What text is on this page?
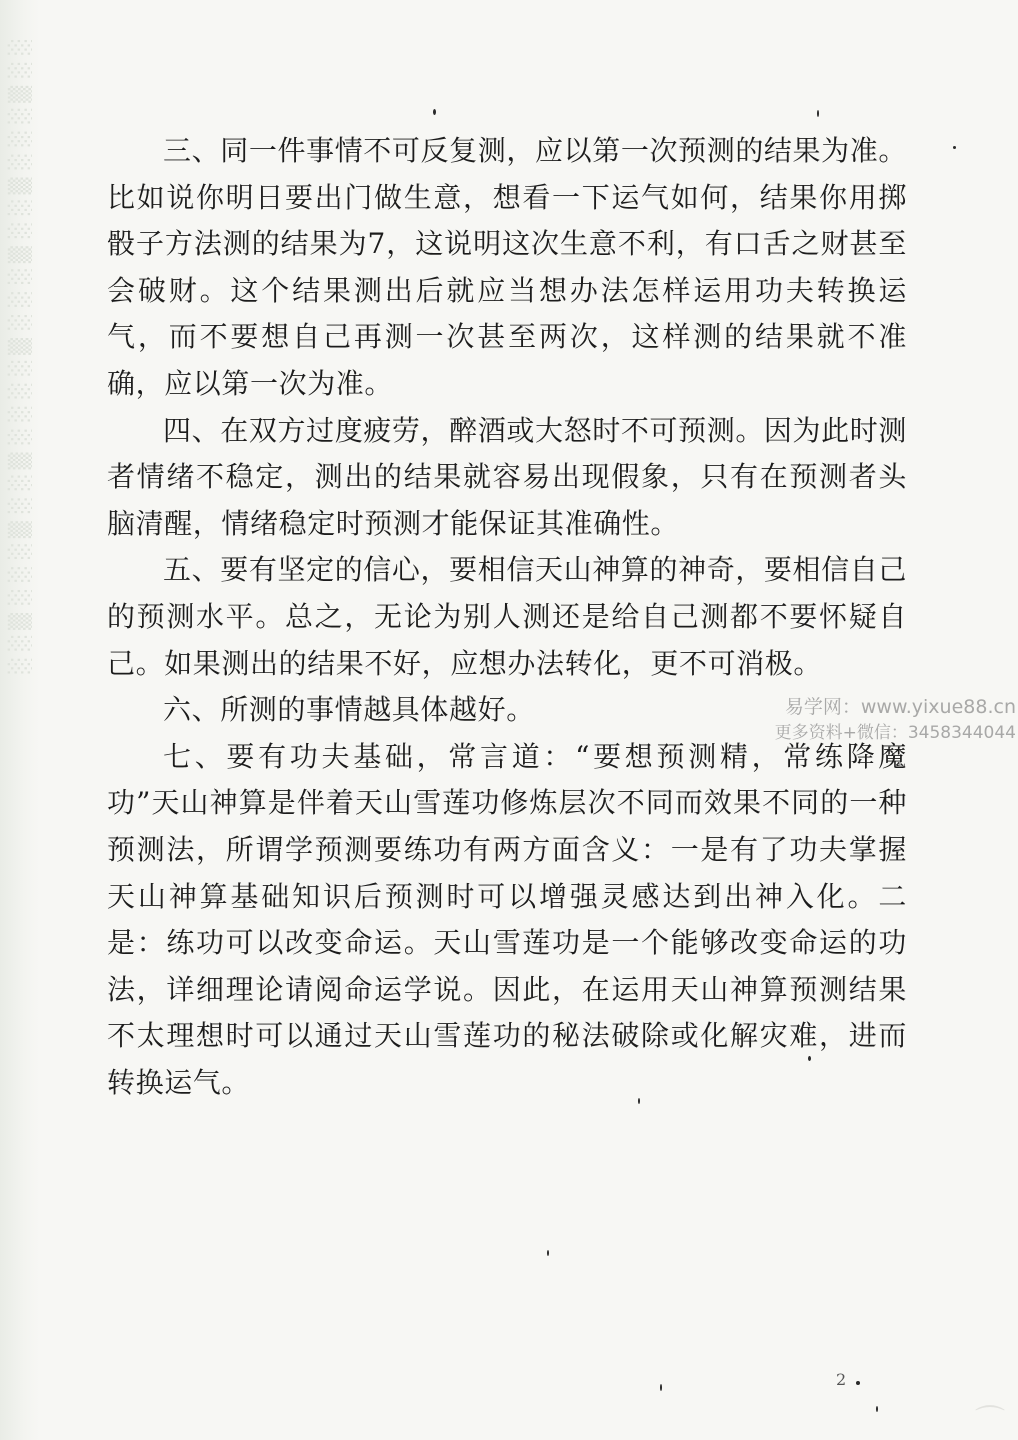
░░▒░░░▒░░▒░░░▒░░░░▒░░▒░░░▒░░	三、同一件事情不可反复测，应以第一次预测的结果为准。比如说你明日要出门做生意，想看一下运气如何，结果你用掷骰子方法测的结果为7，这说明这次生意不利，有口舌之财甚至会破财。这个结果测出后就应当想办法怎样运用功夫转换运气，而不要想自己再测一次甚至两次，这样测的结果就不准确，应以第一次为准。

四、在双方过度疲劳，醉酒或大怒时不可预测。因为此时测者情绪不稳定，测出的结果就容易出现假象，只有在预测者头脑清醒，情绪稳定时预测才能保证其准确性。

五、要有坚定的信心，要相信天山神算的神奇，要相信自己的预测水平。总之，无论为别人测还是给自己测都不要怀疑自己。如果测出的结果不好，应想办法转化，更不可消极。

六、所测的事情越具体越好。

七、要有功夫基础，常言道：“要想预测精，常练降魔功”天山神算是伴着天山雪莲功修炼层次不同而效果不同的一种预测法，所谓学预测要练功有两方面含义：一是有了功夫掌握天山神算基础知识后预测时可以增强灵感达到出神入化。二是：练功可以改变命运。天山雪莲功是一个能够改变命运的功法，详细理论请阅命运学说。因此，在运用天山神算预测结果不太理想时可以通过天山雪莲功的秘法破除或化解灾难，进而转换运气。

易学网：www.yixue88.cn
更多资料+微信：3458344044
2
⌒
